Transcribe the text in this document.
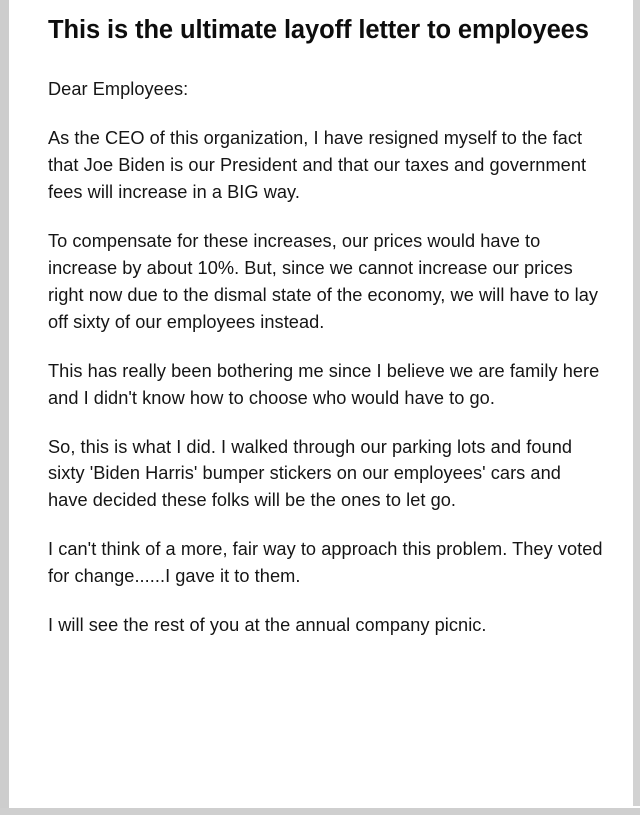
This is the ultimate layoff letter to employees

Dear Employees:

As the CEO of this organization, I have resigned myself to the fact that Joe Biden is our President and that our taxes and government fees will increase in a BIG way.

To compensate for these increases, our prices would have to increase by about 10%. But, since we cannot increase our prices right now due to the dismal state of the economy, we will have to lay off sixty of our employees instead.

This has really been bothering me since I believe we are family here and I didn't know how to choose who would have to go.

So, this is what I did. I walked through our parking lots and found sixty 'Biden Harris' bumper stickers on our employees' cars and have decided these folks will be the ones to let go.

I can't think of a more, fair way to approach this problem. They voted for change......I gave it to them.

I will see the rest of you at the annual company picnic.
